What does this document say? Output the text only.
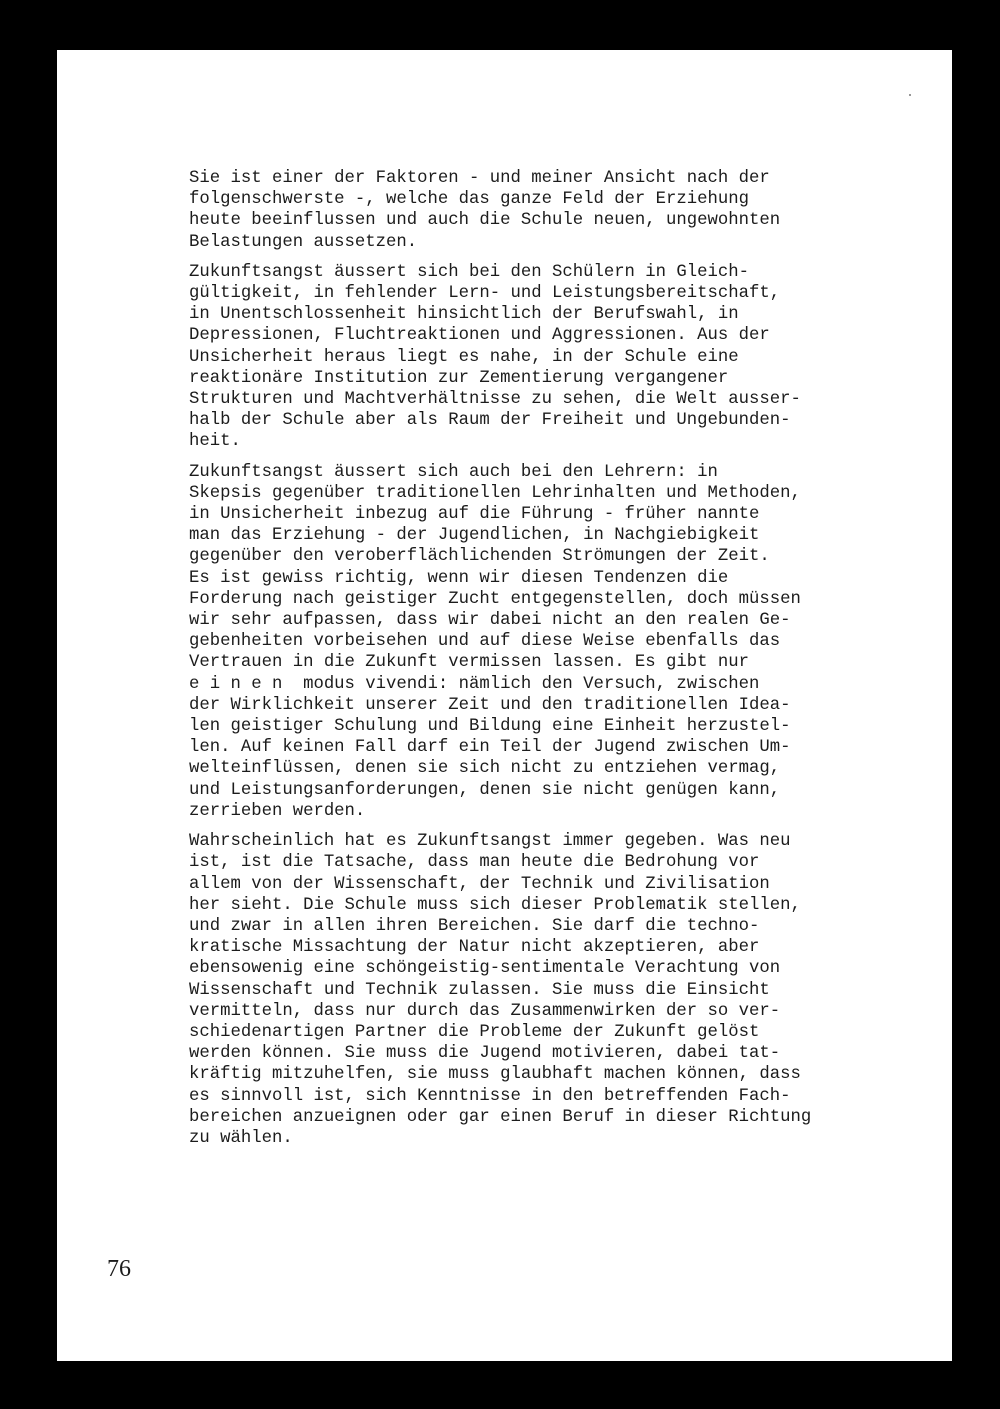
Sie ist einer der Faktoren - und meiner Ansicht nach der
folgenschwerste -, welche das ganze Feld der Erziehung
heute beeinflussen und auch die Schule neuen, ungewohnten
Belastungen aussetzen.
Zukunftsangst äussert sich bei den Schülern in Gleich-
gültigkeit, in fehlender Lern- und Leistungsbereitschaft,
in Unentschlossenheit hinsichtlich der Berufswahl, in
Depressionen, Fluchtreaktionen und Aggressionen. Aus der
Unsicherheit heraus liegt es nahe, in der Schule eine
reaktionäre Institution zur Zementierung vergangener
Strukturen und Machtverhältnisse zu sehen, die Welt ausser-
halb der Schule aber als Raum der Freiheit und Ungebunden-
heit.
Zukunftsangst äussert sich auch bei den Lehrern: in
Skepsis gegenüber traditionellen Lehrinhalten und Methoden,
in Unsicherheit inbezug auf die Führung - früher nannte
man das Erziehung - der Jugendlichen, in Nachgiebigkeit
gegenüber den veroberflächlichenden Strömungen der Zeit.
Es ist gewiss richtig, wenn wir diesen Tendenzen die
Forderung nach geistiger Zucht entgegenstellen, doch müssen
wir sehr aufpassen, dass wir dabei nicht an den realen Ge-
gebenheiten vorbeisehen und auf diese Weise ebenfalls das
Vertrauen in die Zukunft vermissen lassen. Es gibt nur
e i n e n  modus vivendi: nämlich den Versuch, zwischen
der Wirklichkeit unserer Zeit und den traditionellen Idea-
len geistiger Schulung und Bildung eine Einheit herzustel-
len. Auf keinen Fall darf ein Teil der Jugend zwischen Um-
welteinflüssen, denen sie sich nicht zu entziehen vermag,
und Leistungsanforderungen, denen sie nicht genügen kann,
zerrieben werden.
Wahrscheinlich hat es Zukunftsangst immer gegeben. Was neu
ist, ist die Tatsache, dass man heute die Bedrohung vor
allem von der Wissenschaft, der Technik und Zivilisation
her sieht. Die Schule muss sich dieser Problematik stellen,
und zwar in allen ihren Bereichen. Sie darf die techno-
kratische Missachtung der Natur nicht akzeptieren, aber
ebensowenig eine schöngeistig-sentimentale Verachtung von
Wissenschaft und Technik zulassen. Sie muss die Einsicht
vermitteln, dass nur durch das Zusammenwirken der so ver-
schiedenartigen Partner die Probleme der Zukunft gelöst
werden können. Sie muss die Jugend motivieren, dabei tat-
kräftig mitzuhelfen, sie muss glaubhaft machen können, dass
es sinnvoll ist, sich Kenntnisse in den betreffenden Fach-
bereichen anzueignen oder gar einen Beruf in dieser Richtung
zu wählen.
76
